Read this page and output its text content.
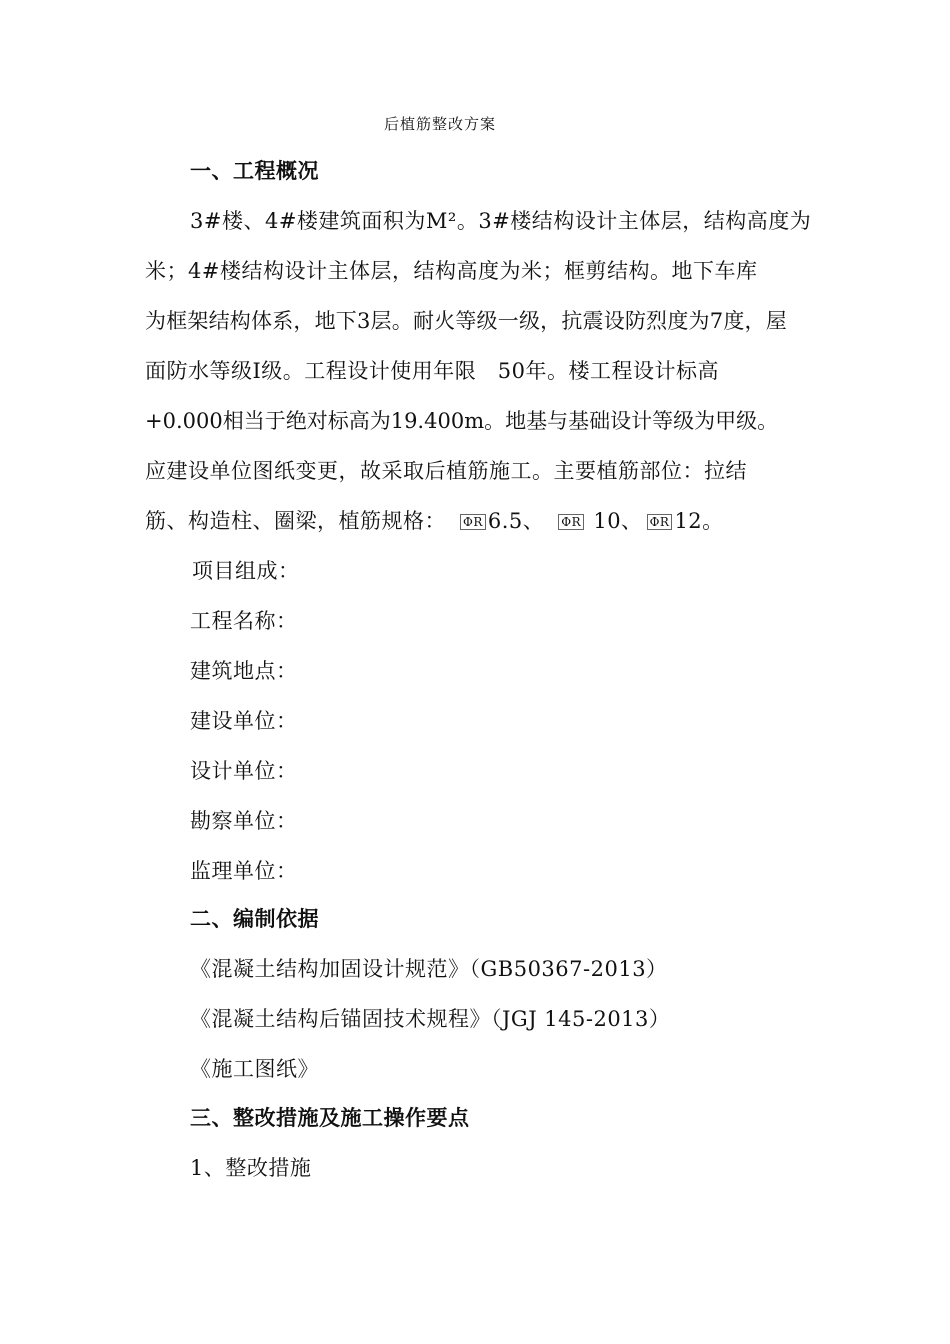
后植筋整改方案
一、工程概况
3#楼、4#楼建筑面积为M²。3#楼结构设计主体层，结构高度为
米；4#楼结构设计主体层，结构高度为米；框剪结构。地下车库
为框架结构体系，地下3层。耐火等级一级，抗震设防烈度为7度，屋
面防水等级Ⅰ级。工程设计使用年限　50年。楼工程设计标高
+0.000相当于绝对标高为19.400m。地基与基础设计等级为甲级。
应建设单位图纸变更，故采取后植筋施工。主要植筋部位：拉结
筋、构造柱、圈梁，植筋规格： ΦR 6.5、 ΦR 10、 ΦR 12。
项目组成：
工程名称：
建筑地点：
建设单位：
设计单位：
勘察单位：
监理单位：
二、编制依据
《混凝土结构加固设计规范》（GB50367-2013）
《混凝土结构后锚固技术规程》（JGJ 145-2013）
《施工图纸》
三、整改措施及施工操作要点
1、整改措施
